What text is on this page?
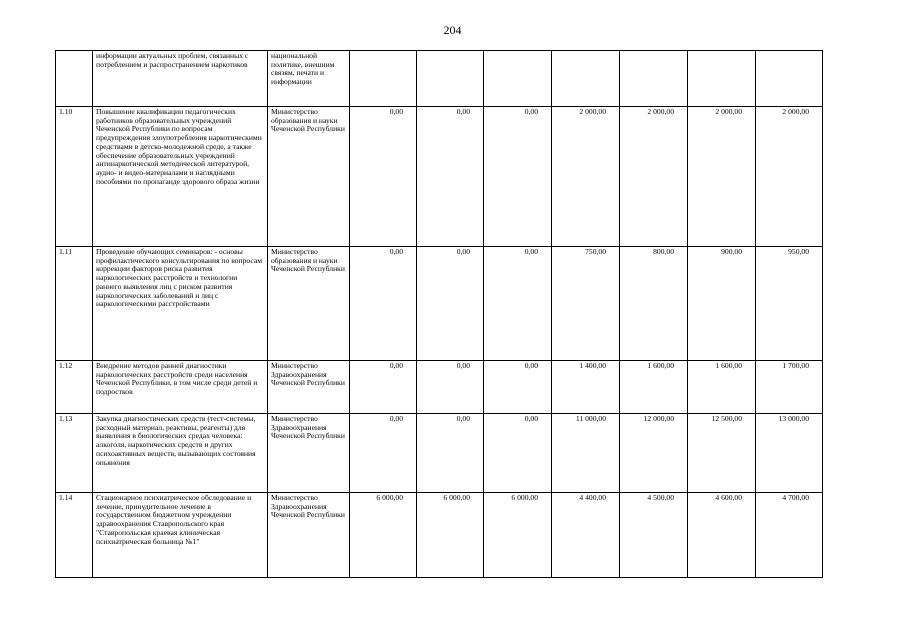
204
	информации актуальных проблем, связанных с потреблением и распространением наркотиков	национальной политике, внешним связям, печати и информации							
1.10	Повышение квалификации педагогических работников образовательных учреждений Чеченской Республики по вопросам предупреждения злоупотребления наркотическими средствами в детско-молодежной среде, а также обеспечение образовательных учреждений антинаркотической методической литературой, аудио- и видео-материалами и наглядными пособиями по пропаганде здорового образа жизни	Министерство образования и науки Чеченской Республики	0,00	0,00	0,00	2 000,00	2 000,00	2 000,00	2 000,00
1.11	Проведение обучающих семинаров: - основы профилактического консультирования по вопросам коррекции факторов риска развития наркологических расстройств и технологии раннего выявления лиц с риском развития наркологических заболеваний и лиц с наркологическими расстройствами	Министерство образования и науки Чеченской Республики	0,00	0,00	0,00	750,00	800,00	900,00	950,00
1.12	Внедрение методов ранней диагностики наркологических расстройств среди населения Чеченской Республики, в том числе среди детей и подростков	Министерство Здравоохранения Чеченской Республики	0,00	0,00	0,00	1 400,00	1 600,00	1 600,00	1 700,00
1.13	Закупка диагностических средств (тест-системы, расходный материал, реактивы, реагенты) для выявления в биологических средах человека: алкоголя, наркотических средств и других психоактивных веществ, вызывающих состояния опьянения	Министерство Здравоохранения Чеченской Республики	0,00	0,00	0,00	11 000,00	12 000,00	12 500,00	13 000,00
1.14	Стационарное психиатрическое обследование и лечение, принудительное лечение в государственном бюджетном учреждении здравоохранения Ставропольского края "Ставропольская краевая клиническая психиатрическая больница №1"	Министерство Здравоохранения Чеченской Республики	6 000,00	6 000,00	6 000,00	4 400,00	4 500,00	4 600,00	4 700,00
